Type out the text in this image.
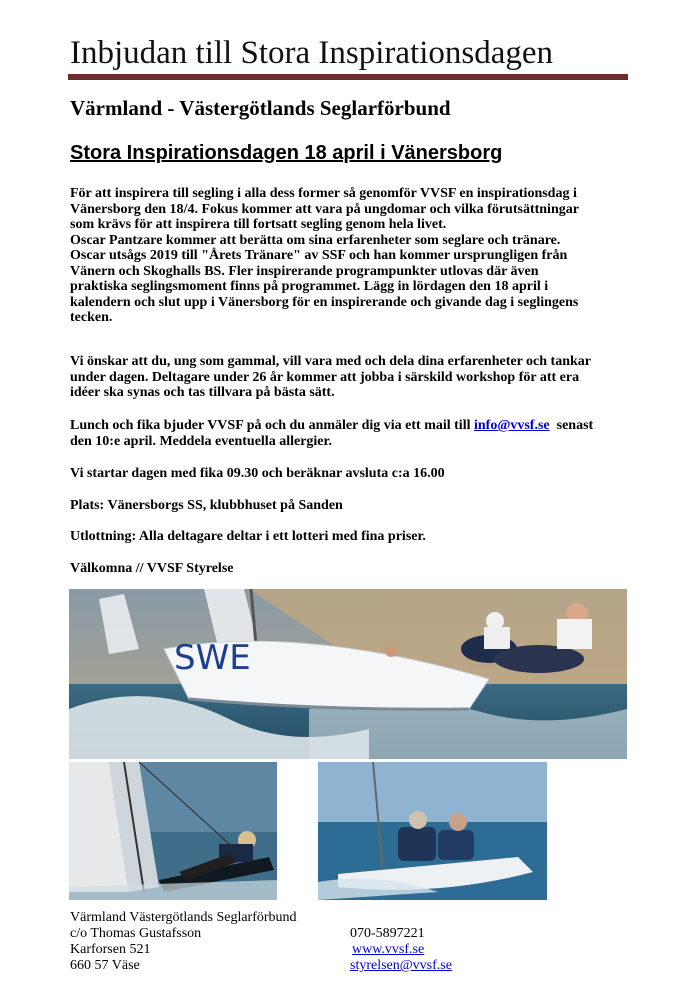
Inbjudan till Stora Inspirationsdagen
Värmland - Västergötlands Seglarförbund
Stora Inspirationsdagen 18 april i Vänersborg

För att inspirera till segling i alla dess former så genomför VVSF en inspirationsdag i

Vänersborg den 18/4. Fokus kommer att vara på ungdomar och vilka förutsättningar

som krävs för att inspirera till fortsatt segling genom hela livet.

Oscar Pantzare kommer att berätta om sina erfarenheter som seglare och tränare.

Oscar utsågs 2019 till "Årets Tränare" av SSF och han kommer ursprungligen från

Vänern och Skoghalls BS. Fler inspirerande programpunkter utlovas där även

praktiska seglingsmoment finns på programmet. Lägg in lördagen den 18 april i

kalendern och slut upp i Vänersborg för en inspirerande och givande dag i seglingens

tecken.

Vi önskar att du, ung som gammal, vill vara med och dela dina erfarenheter och tankar

under dagen. Deltagare under 26 år kommer att jobba i särskild workshop för att era

idéer ska synas och tas tillvara på bästa sätt.

Lunch och fika bjuder VVSF på och du anmäler dig via ett mail till info@vvsf.se  senast

den 10:e april. Meddela eventuella allergier.

Vi startar dagen med fika 09.30 och beräknar avsluta c:a 16.00
Plats: Vänersborgs SS, klubbhuset på Sanden
Utlottning: Alla deltagare deltar i ett lotteri med fina priser.
Välkomna // VVSF Styrelse
SWE
Värmland Västergötlands Seglarförbund
c/o Thomas Gustafsson
Karforsen 521
660 57 Väse
070-5897221
www.vvsf.se
styrelsen@vvsf.se
